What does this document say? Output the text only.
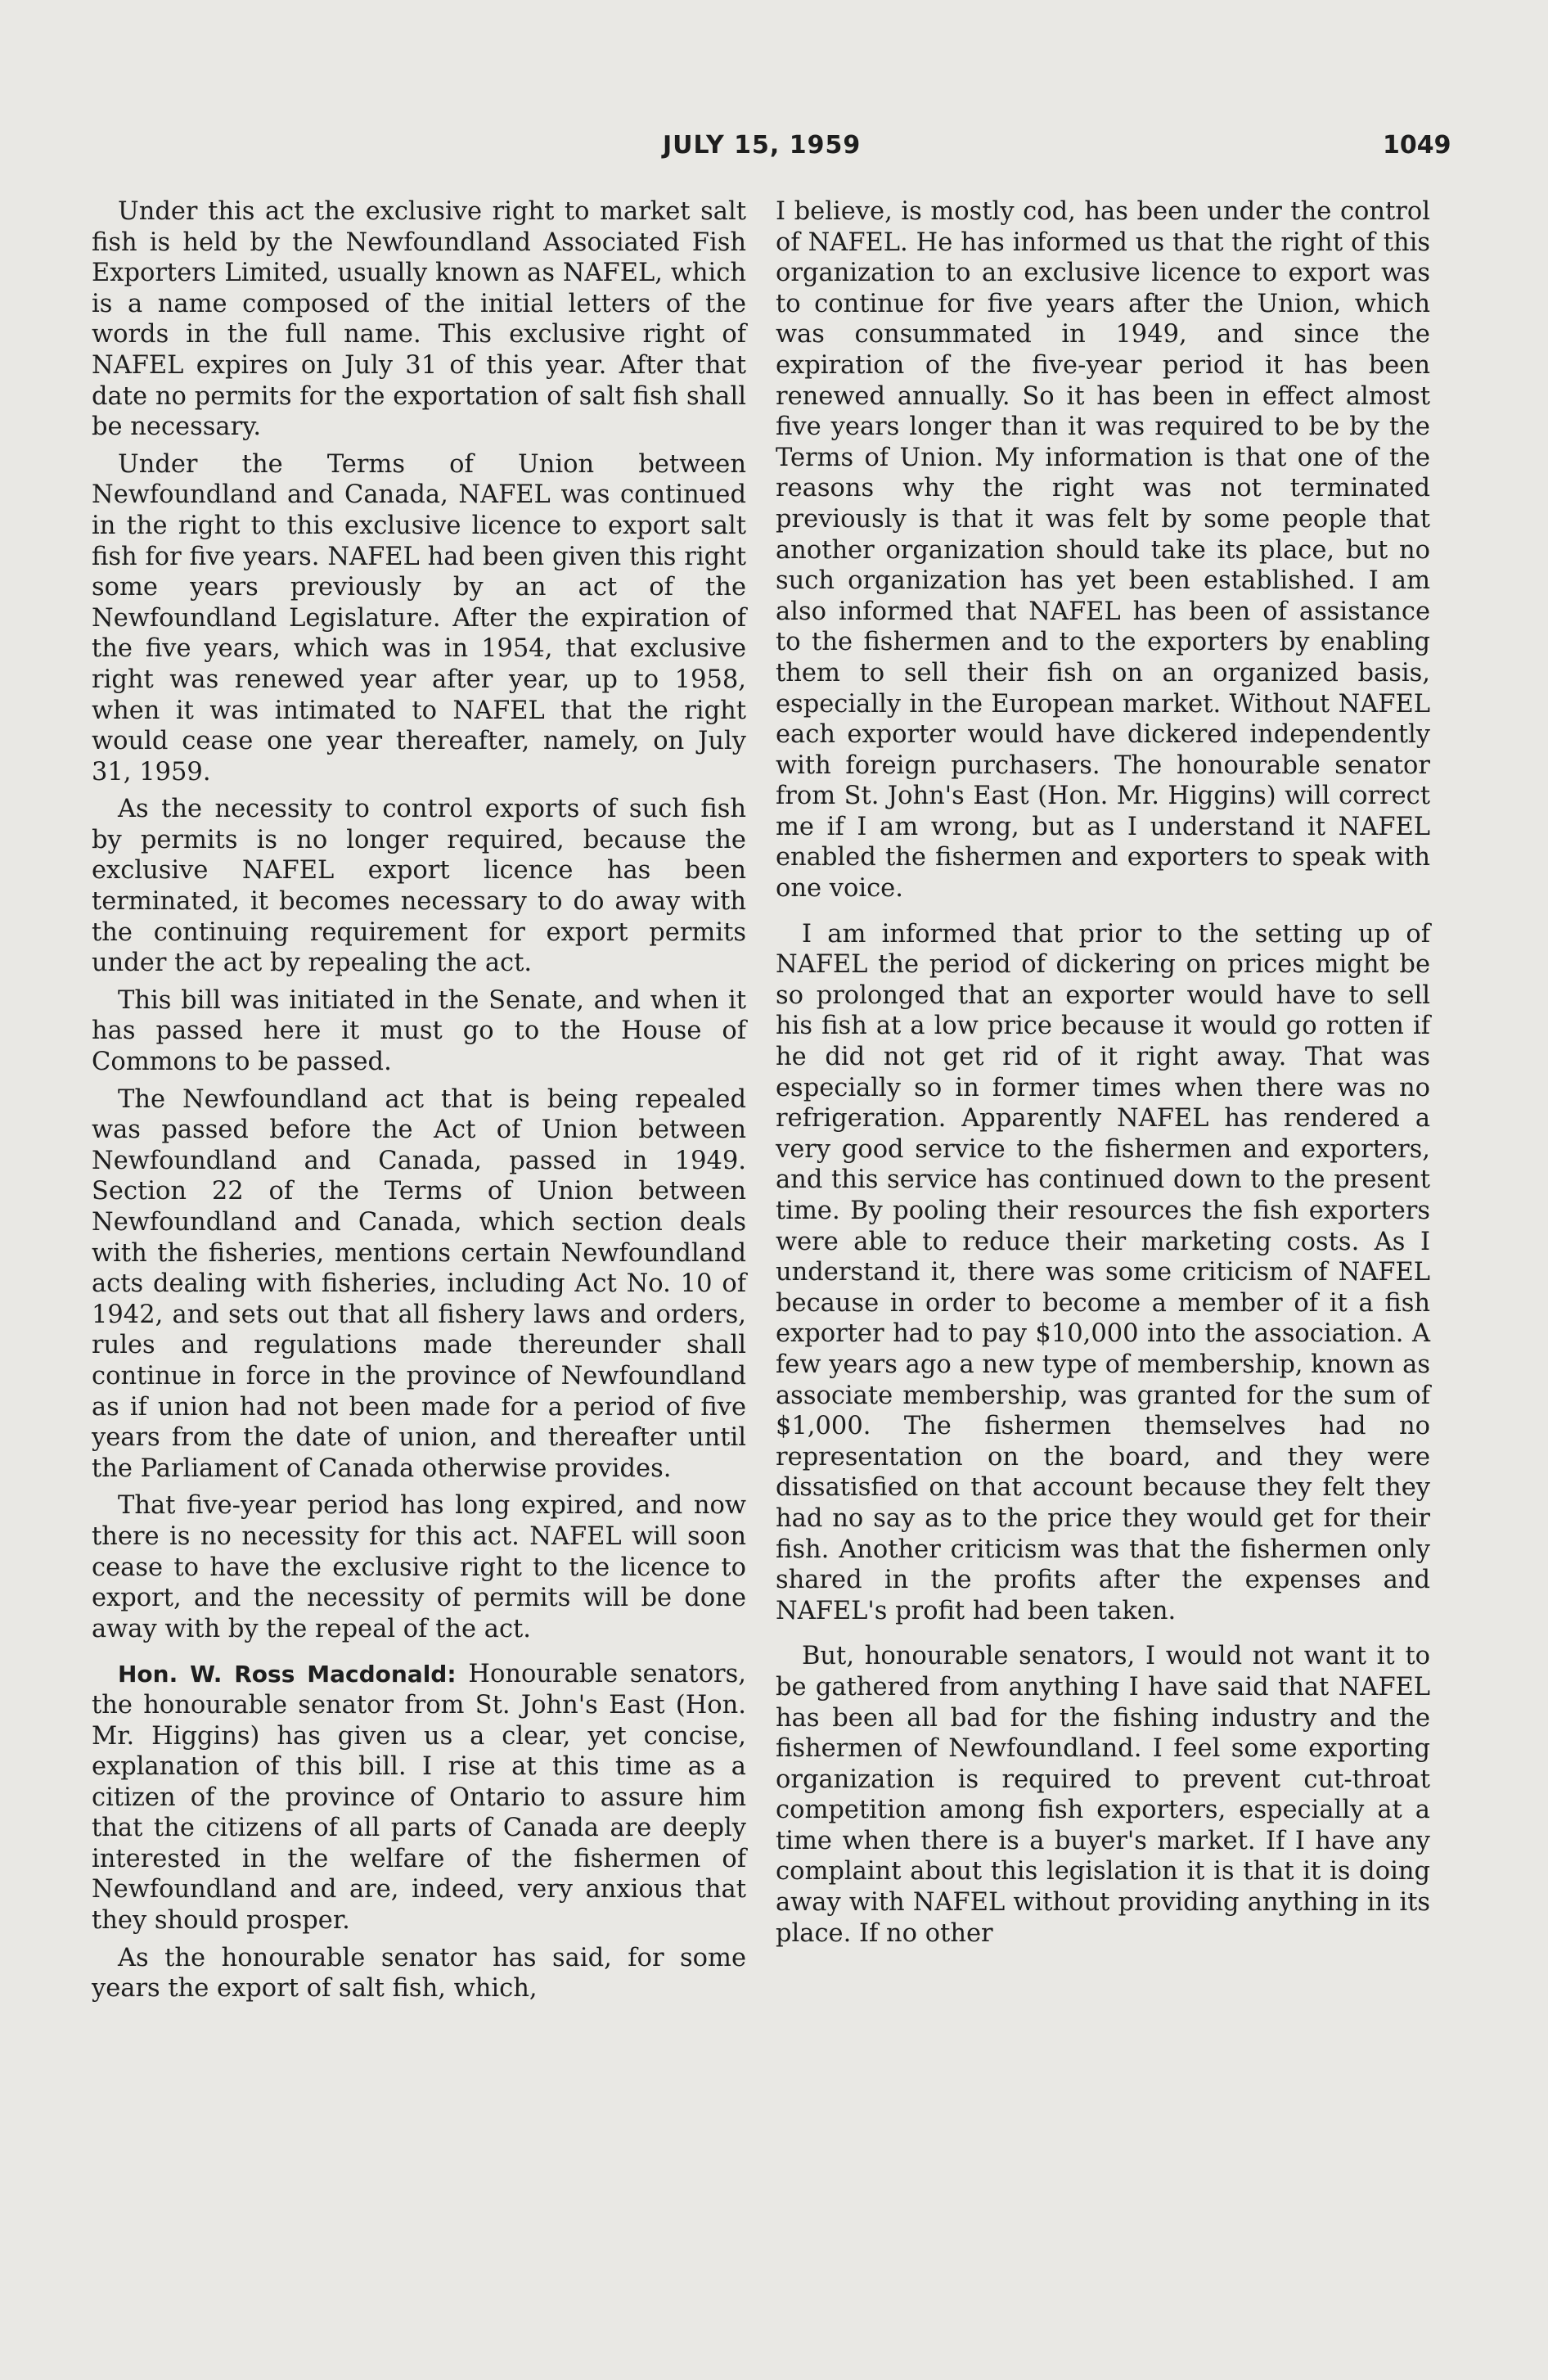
JULY 15, 1959	1049

Under this act the exclusive right to market salt fish is held by the Newfoundland Associated Fish Exporters Limited, usually known as NAFEL, which is a name composed of the initial letters of the words in the full name. This exclusive right of NAFEL expires on July 31 of this year. After that date no permits for the exportation of salt fish shall be necessary.

Under the Terms of Union between Newfoundland and Canada, NAFEL was continued in the right to this exclusive licence to export salt fish for five years. NAFEL had been given this right some years previously by an act of the Newfoundland Legislature. After the expiration of the five years, which was in 1954, that exclusive right was renewed year after year, up to 1958, when it was intimated to NAFEL that the right would cease one year thereafter, namely, on July 31, 1959.

As the necessity to control exports of such fish by permits is no longer required, because the exclusive NAFEL export licence has been terminated, it becomes necessary to do away with the continuing requirement for export permits under the act by repealing the act.

This bill was initiated in the Senate, and when it has passed here it must go to the House of Commons to be passed.

The Newfoundland act that is being repealed was passed before the Act of Union between Newfoundland and Canada, passed in 1949. Section 22 of the Terms of Union between Newfoundland and Canada, which section deals with the fisheries, mentions certain Newfoundland acts dealing with fisheries, including Act No. 10 of 1942, and sets out that all fishery laws and orders, rules and regulations made thereunder shall continue in force in the province of Newfoundland as if union had not been made for a period of five years from the date of union, and thereafter until the Parliament of Canada otherwise provides.

That five-year period has long expired, and now there is no necessity for this act. NAFEL will soon cease to have the exclusive right to the licence to export, and the necessity of permits will be done away with by the repeal of the act.

Hon. W. Ross Macdonald: Honourable senators, the honourable senator from St. John's East (Hon. Mr. Higgins) has given us a clear, yet concise, explanation of this bill. I rise at this time as a citizen of the province of Ontario to assure him that the citizens of all parts of Canada are deeply interested in the welfare of the fishermen of Newfoundland and are, indeed, very anxious that they should prosper.

As the honourable senator has said, for some years the export of salt fish, which,

I believe, is mostly cod, has been under the control of NAFEL. He has informed us that the right of this organization to an exclusive licence to export was to continue for five years after the Union, which was consummated in 1949, and since the expiration of the five-year period it has been renewed annually. So it has been in effect almost five years longer than it was required to be by the Terms of Union. My information is that one of the reasons why the right was not terminated previously is that it was felt by some people that another organization should take its place, but no such organization has yet been established. I am also informed that NAFEL has been of assistance to the fishermen and to the exporters by enabling them to sell their fish on an organized basis, especially in the European market. Without NAFEL each exporter would have dickered independently with foreign purchasers. The honourable senator from St. John's East (Hon. Mr. Higgins) will correct me if I am wrong, but as I understand it NAFEL enabled the fishermen and exporters to speak with one voice.

I am informed that prior to the setting up of NAFEL the period of dickering on prices might be so prolonged that an exporter would have to sell his fish at a low price because it would go rotten if he did not get rid of it right away. That was especially so in former times when there was no refrigeration. Apparently NAFEL has rendered a very good service to the fishermen and exporters, and this service has continued down to the present time. By pooling their resources the fish exporters were able to reduce their marketing costs. As I understand it, there was some criticism of NAFEL because in order to become a member of it a fish exporter had to pay $10,000 into the association. A few years ago a new type of membership, known as associate membership, was granted for the sum of $1,000. The fishermen themselves had no representation on the board, and they were dissatisfied on that account because they felt they had no say as to the price they would get for their fish. Another criticism was that the fishermen only shared in the profits after the expenses and NAFEL's profit had been taken.

But, honourable senators, I would not want it to be gathered from anything I have said that NAFEL has been all bad for the fishing industry and the fishermen of Newfoundland. I feel some exporting organization is required to prevent cut-throat competition among fish exporters, especially at a time when there is a buyer's market. If I have any complaint about this legislation it is that it is doing away with NAFEL without providing anything in its place. If no other
